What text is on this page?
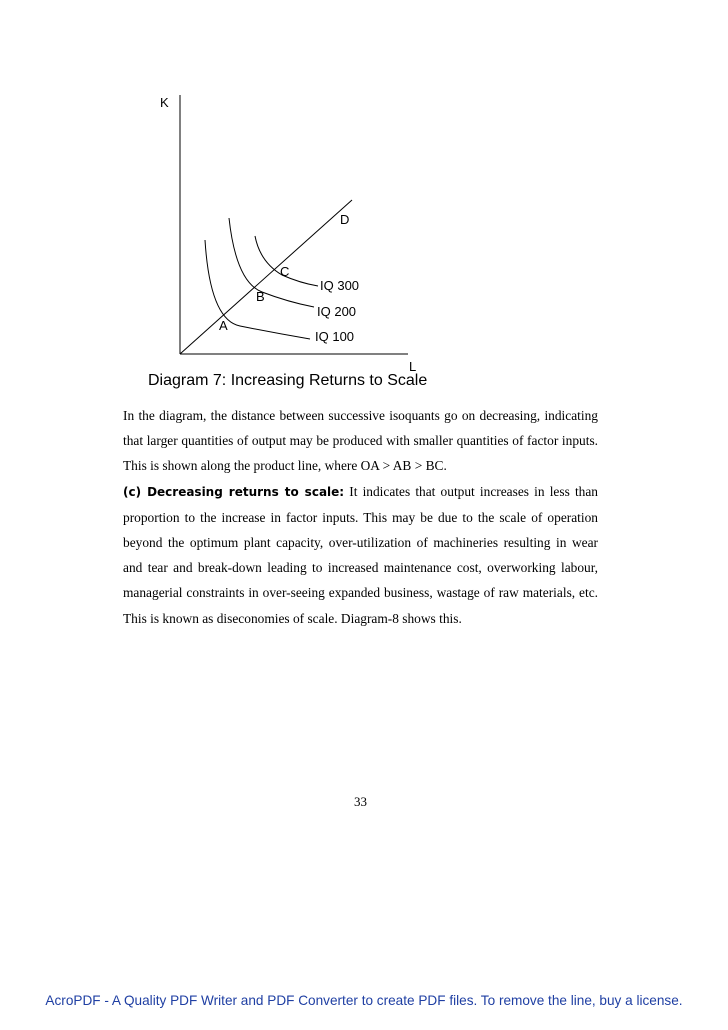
K
L
D
A
B
C
IQ 100
IQ 200
IQ 300

Diagram 7: Increasing Returns to Scale

In the diagram, the distance between successive isoquants go on decreasing, indicating that larger quantities of output may be produced with smaller quantities of factor inputs. This is shown along the product line, where OA > AB > BC.

(c) Decreasing returns to scale: It indicates that output increases in less than proportion to the increase in factor inputs. This may be due to the scale of operation beyond the optimum plant capacity, over-utilization of machineries resulting in wear and tear and break-down leading to increased maintenance cost, overworking labour, managerial constraints in over-seeing expanded business, wastage of raw materials, etc. This is known as diseconomies of scale. Diagram-8 shows this.

33
AcroPDF - A Quality PDF Writer and PDF Converter to create PDF files. To remove the line, buy a license.
